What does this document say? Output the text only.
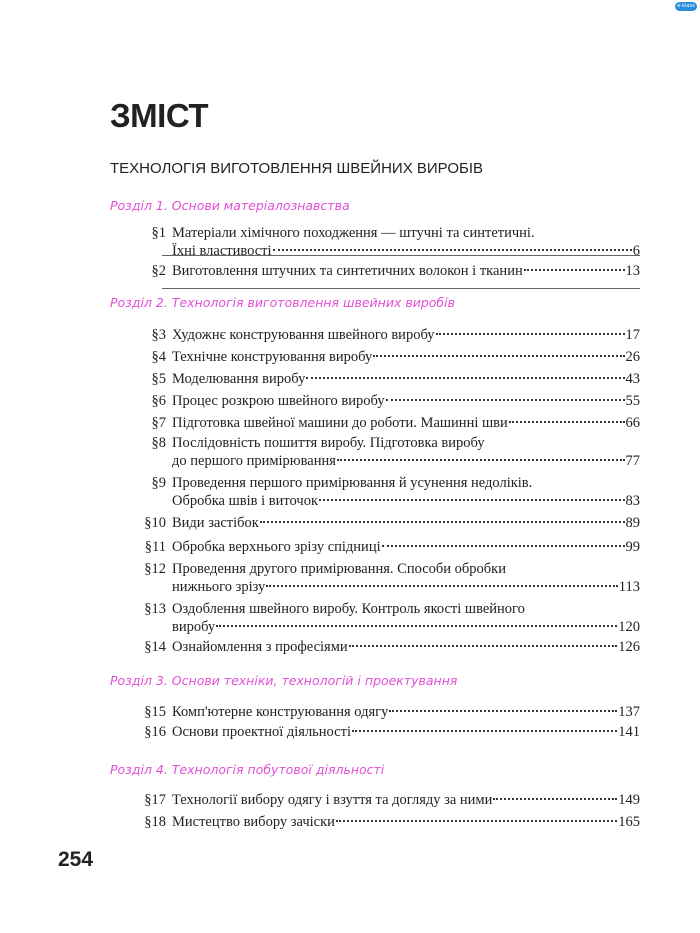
e-klass
ЗМІСТ
ТЕХНОЛОГІЯ ВИГОТОВЛЕННЯ ШВЕЙНИХ ВИРОБІВ
Розділ 1. Основи матеріалознавства
§1 Матеріали хімічного походження — штучні та синтетичні.
Їхні властивості	6
§2 Виготовлення штучних та синтетичних волокон і тканин	13
Розділ 2. Технологія виготовлення швейних виробів
§3 Художнє конструювання швейного виробу	17
§4 Технічне конструювання виробу	26
§5 Моделювання виробу	43
§6 Процес розкрою швейного виробу	55
§7 Підготовка швейної машини до роботи. Машинні шви	66
§8 Послідовність пошиття виробу. Підготовка виробу
до першого примірювання	77
§9 Проведення першого примірювання й усунення недоліків.
Обробка швів і виточок	83
§10 Види застібок	89
§11 Обробка верхнього зрізу спідниці	99
§12 Проведення другого примірювання. Способи обробки
нижнього зрізу	113
§13 Оздоблення швейного виробу. Контроль якості швейного
виробу	120
§14 Ознайомлення з професіями	126
Розділ 3. Основи техніки, технологій і проектування
§15 Комп'ютерне конструювання одягу	137
§16 Основи проектної діяльності	141
Розділ 4. Технологія побутової діяльності
§17 Технології вибору одягу і взуття та догляду за ними	149
§18 Мистецтво вибору зачіски	165
254
